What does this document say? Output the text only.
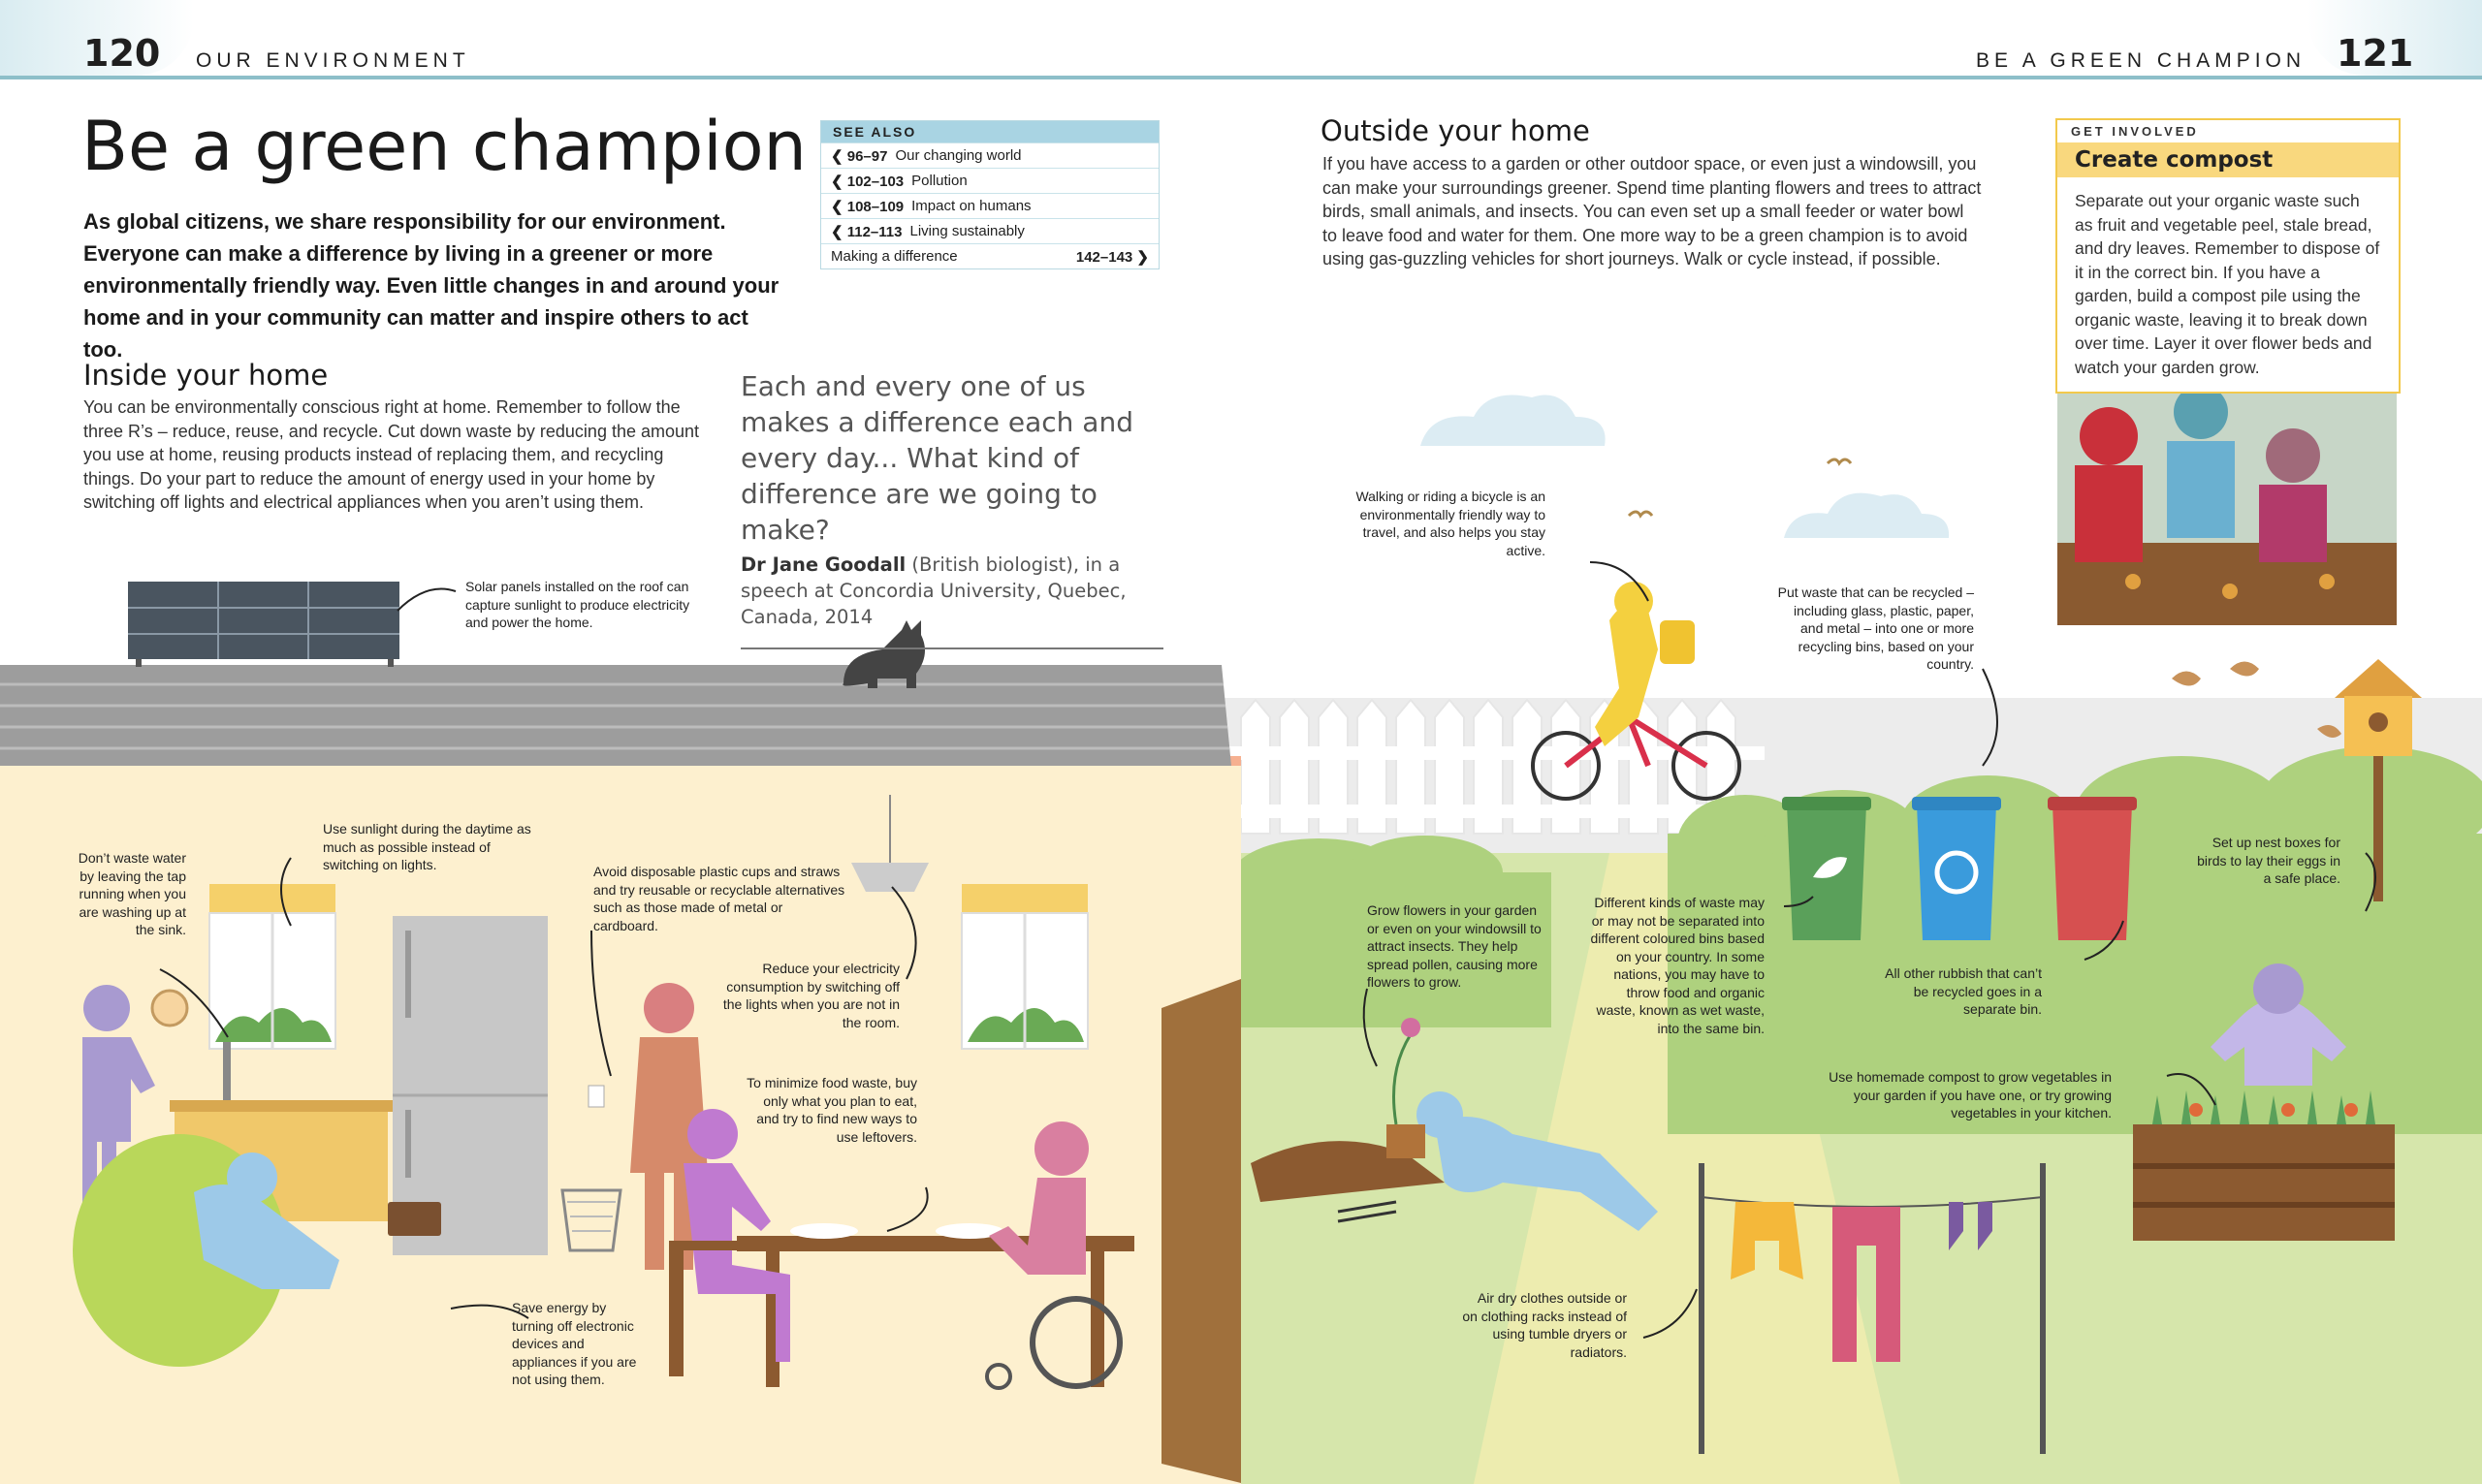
120 OUR ENVIRONMENT	BE A GREEN CHAMPION 121
Be a green champion
As global citizens, we share responsibility for our environment. Everyone can make a difference by living in a greener or more environmentally friendly way. Even little changes in and around your home and in your community can matter and inspire others to act too.
SEE ALSO
❮ 96–97 Our changing world
❮ 102–103 Pollution
❮ 108–109 Impact on humans
❮ 112–113 Living sustainably
Making a difference	142–143 ❯
Inside your home
You can be environmentally conscious right at home. Remember to follow the three R’s – reduce, reuse, and recycle. Cut down waste by reducing the amount you use at home, reusing products instead of replacing them, and recycling things. Do your part to reduce the amount of energy used in your home by switching off lights and electrical appliances when you aren’t using them.
Each and every one of us makes a difference each and every day... What kind of difference are we going to make?
Dr Jane Goodall (British biologist), in a speech at Concordia University, Quebec, Canada, 2014
Outside your home
If you have access to a garden or other outdoor space, or even just a windowsill, you can make your surroundings greener. Spend time planting flowers and trees to attract birds, small animals, and insects. You can even set up a small feeder or water bowl to leave food and water for them. One more way to be a green champion is to avoid using gas-guzzling vehicles for short journeys. Walk or cycle instead, if possible.
GET INVOLVED
Create compost
Separate out your organic waste such as fruit and vegetable peel, stale bread, and dry leaves. Remember to dispose of it in the correct bin. If you have a garden, build a compost pile using the organic waste, leaving it to break down over time. Layer it over flower beds and watch your garden grow.
Solar panels installed on the roof can capture sunlight to produce electricity and power the home.
Don’t waste water by leaving the tap running when you are washing up at the sink.
Use sunlight during the daytime as much as possible instead of switching on lights.	Avoid disposable plastic cups and straws and try reusable or recyclable alternatives such as those made of metal or cardboard.
Reduce your electricity consumption by switching off the lights when you are not in the room.
To minimize food waste, buy only what you plan to eat, and try to find new ways to use leftovers.
Save energy by turning off electronic devices and appliances if you are not using them.
Walking or riding a bicycle is an environmentally friendly way to travel, and also helps you stay active.
Put waste that can be recycled – including glass, plastic, paper, and metal – into one or more recycling bins, based on your country.
Grow flowers in your garden or even on your windowsill to attract insects. They help spread pollen, causing more flowers to grow.
Different kinds of waste may or may not be separated into different coloured bins based on your country. In some nations, you may have to throw food and organic waste, known as wet waste, into the same bin.
All other rubbish that can’t be recycled goes in a separate bin.
Set up nest boxes for birds to lay their eggs in a safe place.
Use homemade compost to grow vegetables in your garden if you have one, or try growing vegetables in your kitchen.
Air dry clothes outside or on clothing racks instead of using tumble dryers or radiators.
